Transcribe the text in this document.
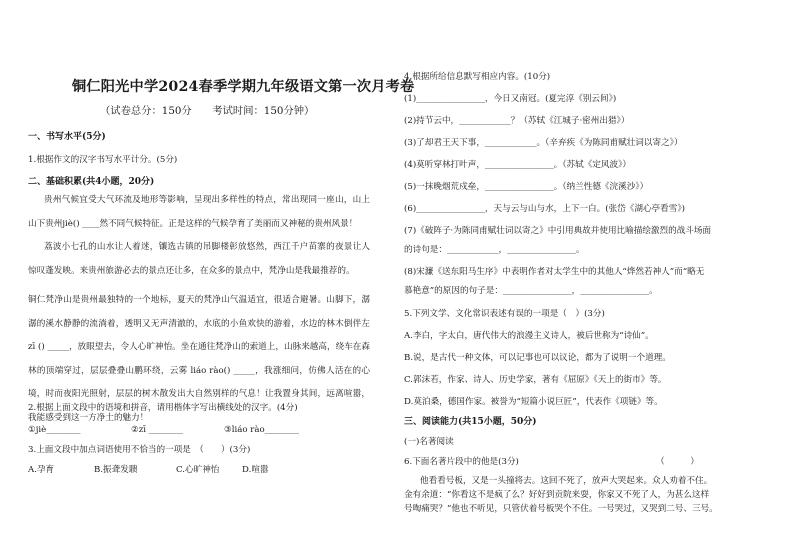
铜仁阳光中学2024春季学期九年级语文第一次月考卷
（试卷总分：150分　　考试时间：150分钟）
一、书写水平(5分)
1.根据作文的汉字书写水平计分。(5分)
二、基础积累(共4小题，20分)
贵州气候宜受大气环流及地形等影响，呈现出多样性的特点，常出现同一座山，山上山下贵州jiè() ____然不同气候特征。正是这样的气候孕育了美丽而又神秘的贵州风景！
荔波小七孔的山水让人着迷，镶选古镇的吊脚楼彰放悠然，西江千户苗寨的夜景让人惊叹蓬发映。来贵州旅游必去的景点还让多，在众多的景点中，梵净山是我最推荐的。
铜仁梵净山是贵州最独特的一个地标，夏天的梵净山气温适宜，很适合避暑。山脚下，潺潺的溪水静静的流淌着，透明又无声清澈的，水底的小鱼欢快的游着，水边的林木倒伴左 zī () _____，放眼望去，令人心旷神怡。坐在通往梵净山的索道上，山脉来越高，绕车在森林的顶端穿过，层层叠叠山鹏环绕，云雾 liáo rào() _____，我涨细问，仿佛人活在的心境，时而夜阳光照射，层层的树木散发出大自然别样的气息！让我置身其间，远离喧嚣，我能感受到这一方净土的魅力！
2.根据上面文段中的语境和拼音，请用楷体字写出横线处的汉字。(4分)
①jiè________	②zī ________	③liáo rào________
3.上面文段中加点词语使用不恰当的一项是　（　　）(3分)
A.孕育	B.振聋发聩	C.心旷神怡	D.喧嚣
4.根据所给信息默写相应内容。(10分)
(1)________________，今日又南冠。(夏完淳《别云间》)
(2)持节云中，____________？（苏轼《江城子·密州出猎》）
(3)了却君王天下事，____________。（辛弃疾《为陈同甫赋壮词以寄之》）
(4)莫听穿林打叶声，________________。（苏轼《定风波》）
(5)一抹晚烟荒戍垒，________________。（纳兰性德《浣溪沙》）
(6)________________，天与云与山与水，上下一白。(张岱《湖心亭看雪》)
(7)《破阵子·为陈同甫赋壮词以寄之》中引用典故并使用比喻描绘激烈的战斗场面
的诗句是：____________，________________。
(8)宋濂《送东阳马生序》中表明作者对太学生中的其他人“烨然若神人”而“略无
慕艳意”的原因的句子是：________________，________________。
5.下列文学、文化常识表述有误的一项是（　）(3分)
A.李白，字太白，唐代伟大的浪漫主义诗人，被后世称为“诗仙”。
B.说，是古代一种文体，可以记事也可以议论，都为了说明一个道理。
C.郭沫若，作家、诗人、历史学家，著有《屈原》《天上的街市》等。
D.莫泊桑，德国作家。被誉为“短篇小说巨匠”，代表作《项链》等。
三、阅读能力(共15小题，50分)
(一)名著阅读
6.下面名著片段中的他是(3分)	（　　　）
他看看号板，又是一头撞将去。这回不死了，放声大哭起来。众人劝着不住。
金有余道：“你看这不是疯了么？好好到贡院来耍，你家又不死了人，为甚么这样
号啕痛哭？”他也不听见，只管伏着号板哭个不住。一号哭过，又哭到二号、三号。
